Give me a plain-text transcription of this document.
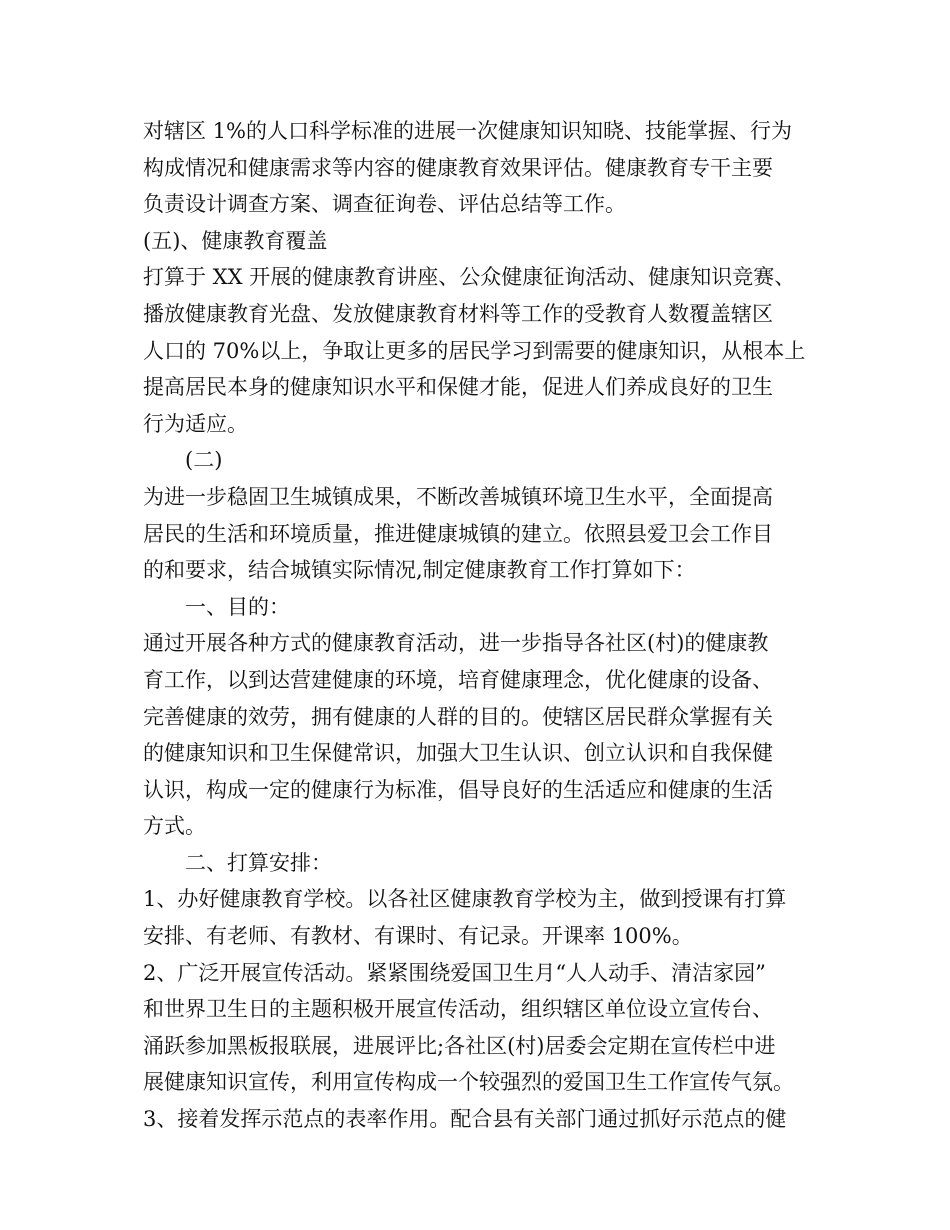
对辖区 1%的人口科学标准的进展一次健康知识知晓、技能掌握、行为
构成情况和健康需求等内容的健康教育效果评估。健康教育专干主要
负责设计调查方案、调查征询卷、评估总结等工作。
(五)、健康教育覆盖
打算于 XX 开展的健康教育讲座、公众健康征询活动、健康知识竞赛、
播放健康教育光盘、发放健康教育材料等工作的受教育人数覆盖辖区
人口的 70%以上，争取让更多的居民学习到需要的健康知识，从根本上
提高居民本身的健康知识水平和保健才能，促进人们养成良好的卫生
行为适应。
(二)
为进一步稳固卫生城镇成果，不断改善城镇环境卫生水平，全面提高
居民的生活和环境质量，推进健康城镇的建立。依照县爱卫会工作目
的和要求，结合城镇实际情况,制定健康教育工作打算如下：
一、目的：
通过开展各种方式的健康教育活动，进一步指导各社区(村)的健康教
育工作，以到达营建健康的环境，培育健康理念，优化健康的设备、
完善健康的效劳，拥有健康的人群的目的。使辖区居民群众掌握有关
的健康知识和卫生保健常识，加强大卫生认识、创立认识和自我保健
认识，构成一定的健康行为标准，倡导良好的生活适应和健康的生活
方式。
二、打算安排：
1、办好健康教育学校。以各社区健康教育学校为主，做到授课有打算
安排、有老师、有教材、有课时、有记录。开课率 100%。
2、广泛开展宣传活动。紧紧围绕爱国卫生月“人人动手、清洁家园”
和世界卫生日的主题积极开展宣传活动，组织辖区单位设立宣传台、
涌跃参加黑板报联展，进展评比;各社区(村)居委会定期在宣传栏中进
展健康知识宣传，利用宣传构成一个较强烈的爱国卫生工作宣传气氛。
3、接着发挥示范点的表率作用。配合县有关部门通过抓好示范点的健
